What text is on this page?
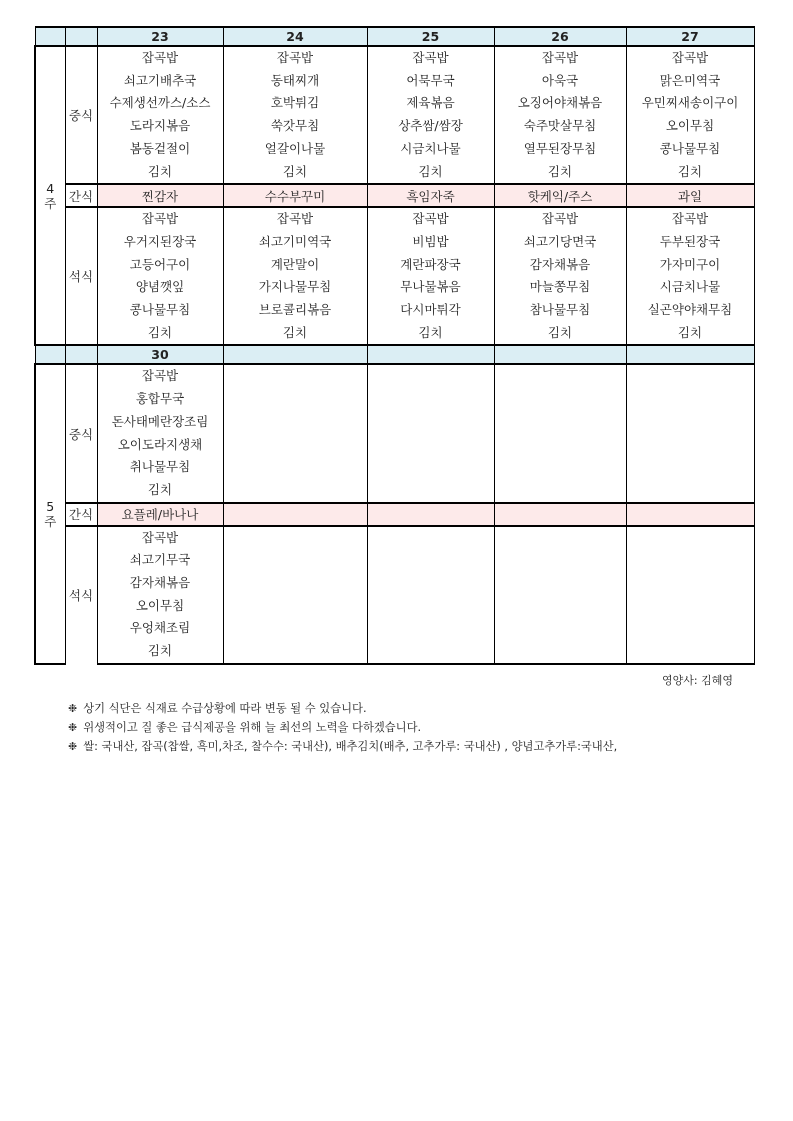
		23	24	25	26	27
4
주	중식	잡곡밥	잡곡밥	잡곡밥	잡곡밥	잡곡밥
		쇠고기배추국	동태찌개	어묵무국	아욱국	맑은미역국
		수제생선까스/소스	호박튀김	제육볶음	오징어야채볶음	우민찌새송이구이
		도라지볶음	쑥갓무침	상추쌈/쌈장	숙주맛살무침	오이무침
		봄동겉절이	얼갈이나물	시금치나물	열무된장무침	콩나물무침
		김치	김치	김치	김치	김치
	간식	찐감자	수수부꾸미	흑임자죽	핫케익/주스	과일
	석식	잡곡밥	잡곡밥	잡곡밥	잡곡밥	잡곡밥
		우거지된장국	쇠고기미역국	비빔밥	쇠고기당면국	두부된장국
		고등어구이	계란말이	계란파장국	감자채볶음	가자미구이
		양념깻잎	가지나물무침	무나물볶음	마늘쫑무침	시금치나물
		콩나물무침	브로콜리볶음	다시마튀각	참나물무침	실곤약야채무침
		김치	김치	김치	김치	김치
		30				
5
주	중식	잡곡밥				
		홍합무국				
		돈사태메란장조림				
		오이도라지생채				
		취나물무침				
		김치				
	간식	요플레/바나나				
	석식	잡곡밥				
		쇠고기무국				
		감자채볶음				
		오이무침				
		우엉채조림				
		김치				
영양사: 김혜영
❉ 상기 식단은 식재료 수급상황에 따라 변동 될 수 있습니다.
❉ 위생적이고 질 좋은 급식제공을 위해 늘 최선의 노력을 다하겠습니다.
❉ 쌀: 국내산, 잡곡(찹쌀, 흑미,차조, 찰수수: 국내산), 배추김치(배추, 고추가루: 국내산) , 양념고추가루:국내산,
